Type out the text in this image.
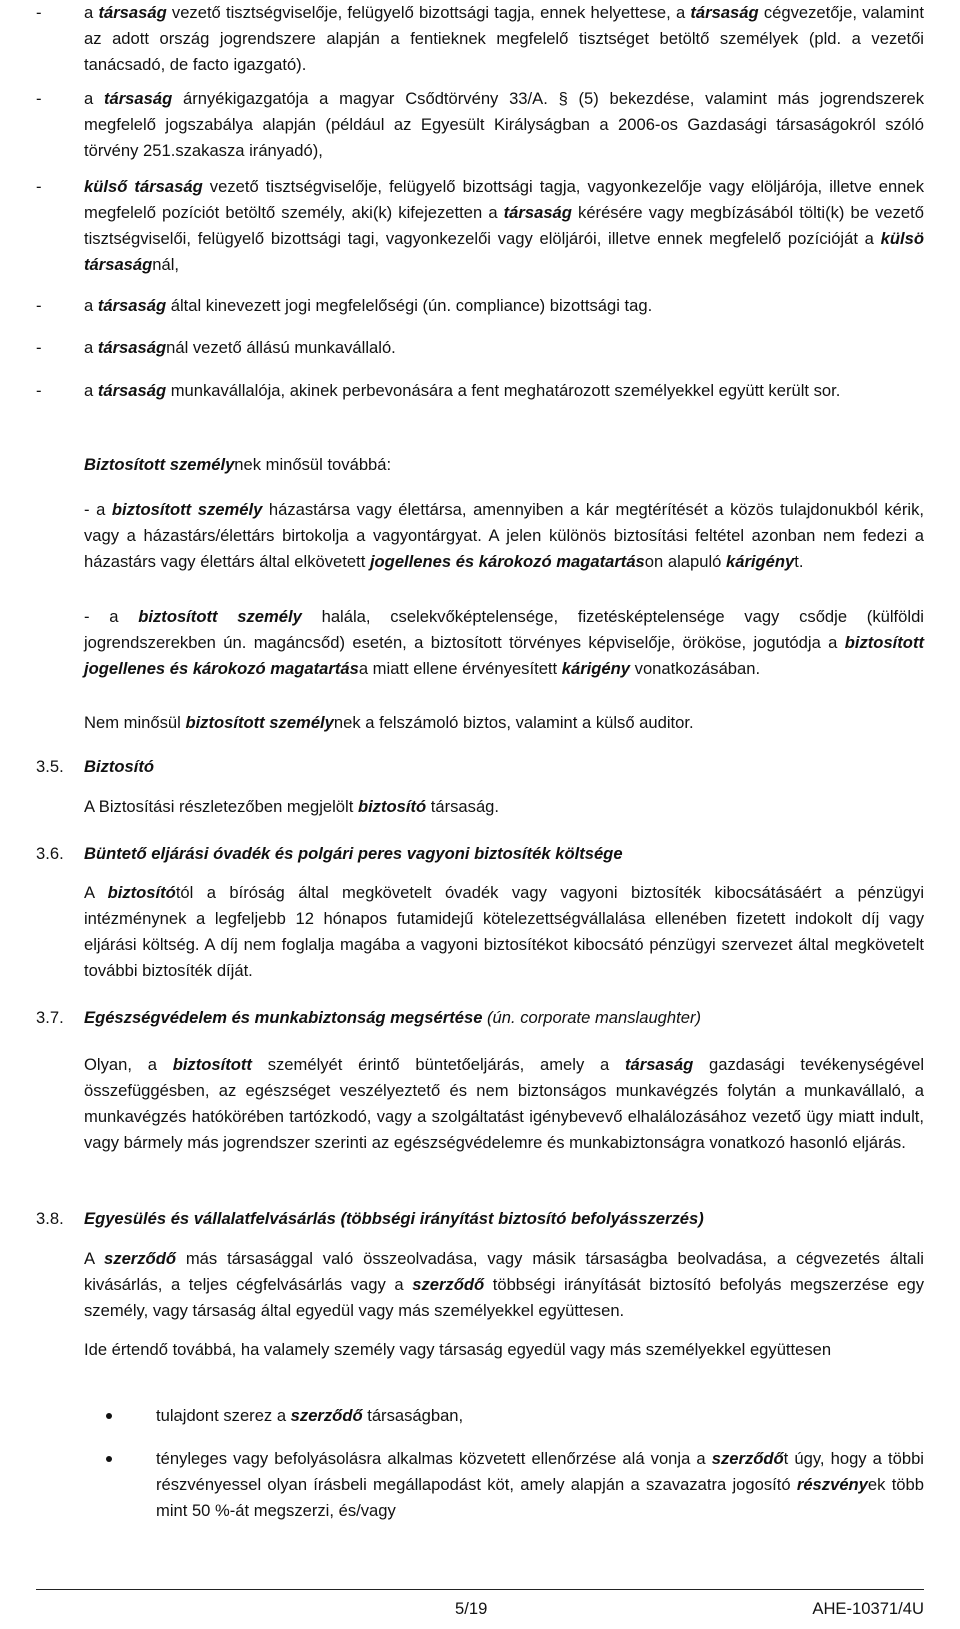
-	a társaság vezető tisztségviselője, felügyelő bizottsági tagja, ennek helyettese, a társaság cégvezetője, valamint az adott ország jogrendszere alapján a fentieknek megfelelő tisztséget betöltő személyek (pld. a vezetői tanácsadó, de facto igazgató).
-	a társaság árnyékigazgatója a magyar Csődtörvény 33/A. § (5) bekezdése, valamint más jogrendszerek megfelelő jogszabálya alapján (például az Egyesült Királyságban a 2006-os Gazdasági társaságokról szóló törvény 251.szakasza irányadó),
-	külső társaság vezető tisztségviselője, felügyelő bizottsági tagja, vagyonkezelője vagy elöljárója, illetve ennek megfelelő pozíciót betöltő személy, aki(k) kifejezetten a társaság kérésére vagy megbízásából tölti(k) be vezető tisztségviselői, felügyelő bizottsági tagi, vagyonkezelői vagy elöljárói, illetve ennek megfelelő pozícióját a külsö társaságnál,
-	a társaság által kinevezett jogi megfelelőségi (ún. compliance) bizottsági tag.
-	a társaságnál vezető állású munkavállaló.
-	a társaság munkavállalója, akinek perbevonására a fent meghatározott személyekkel együtt került sor.

Biztosított személynek minősül továbbá:

- a biztosított személy házastársa vagy élettársa, amennyiben a kár megtérítését a közös tulajdonukból kérik, vagy a házastárs/élettárs birtokolja a vagyontárgyat. A jelen különös biztosítási feltétel azonban nem fedezi a házastárs vagy élettárs által elkövetett jogellenes és károkozó magatartáson alapuló kárigényt.

- a biztosított személy halála, cselekvőképtelensége, fizetésképtelensége vagy csődje (külföldi jogrendszerekben ún. magáncsőd) esetén, a biztosított törvényes képviselője, örököse, jogutódja a biztosított jogellenes és károkozó magatartása miatt ellene érvényesített kárigény vonatkozásában.

Nem minősül biztosított személynek a felszámoló biztos, valamint a külső auditor.

3.5. Biztosító

A Biztosítási részletezőben megjelölt biztosító társaság.

3.6. Büntető eljárási óvadék és polgári peres vagyoni biztosíték költsége

A biztosítótól a bíróság által megkövetelt óvadék vagy vagyoni biztosíték kibocsátásáért a pénzügyi intézménynek a legfeljebb 12 hónapos futamidejű kötelezettségvállalása ellenében fizetett indokolt díj vagy eljárási költség. A díj nem foglalja magába a vagyoni biztosítékot kibocsátó pénzügyi szervezet által megkövetelt további biztosíték díját.

3.7. Egészségvédelem és munkabiztonság megsértése (ún. corporate manslaughter)

Olyan, a biztosított személyét érintő büntetőeljárás, amely a társaság gazdasági tevékenységével összefüggésben, az egészséget veszélyeztető és nem biztonságos munkavégzés folytán a munkavállaló, a munkavégzés hatókörében tartózkodó, vagy a szolgáltatást igénybevevő elhalálozásához vezető ügy miatt indult, vagy bármely más jogrendszer szerinti az egészségvédelemre és munkabiztonságra vonatkozó hasonló eljárás.

3.8. Egyesülés és vállalatfelvásárlás (többségi irányítást biztosító befolyásszerzés)

A szerződő más társasággal való összeolvadása, vagy másik társaságba beolvadása, a cégvezetés általi kivásárlás, a teljes cégfelvásárlás vagy a szerződő többségi irányítását biztosító befolyás megszerzése egy személy, vagy társaság által egyedül vagy más személyekkel együttesen.

Ide értendő továbbá, ha valamely személy vagy társaság egyedül vagy más személyekkel együttesen

tulajdont szerez a szerződő társaságban,

tényleges vagy befolyásolásra alkalmas közvetett ellenőrzése alá vonja a szerződőt úgy, hogy a többi részvényessel olyan írásbeli megállapodást köt, amely alapján a szavazatra jogosító részvények több mint 50 %-át megszerzi, és/vagy

5/19	AHE-10371/4U
